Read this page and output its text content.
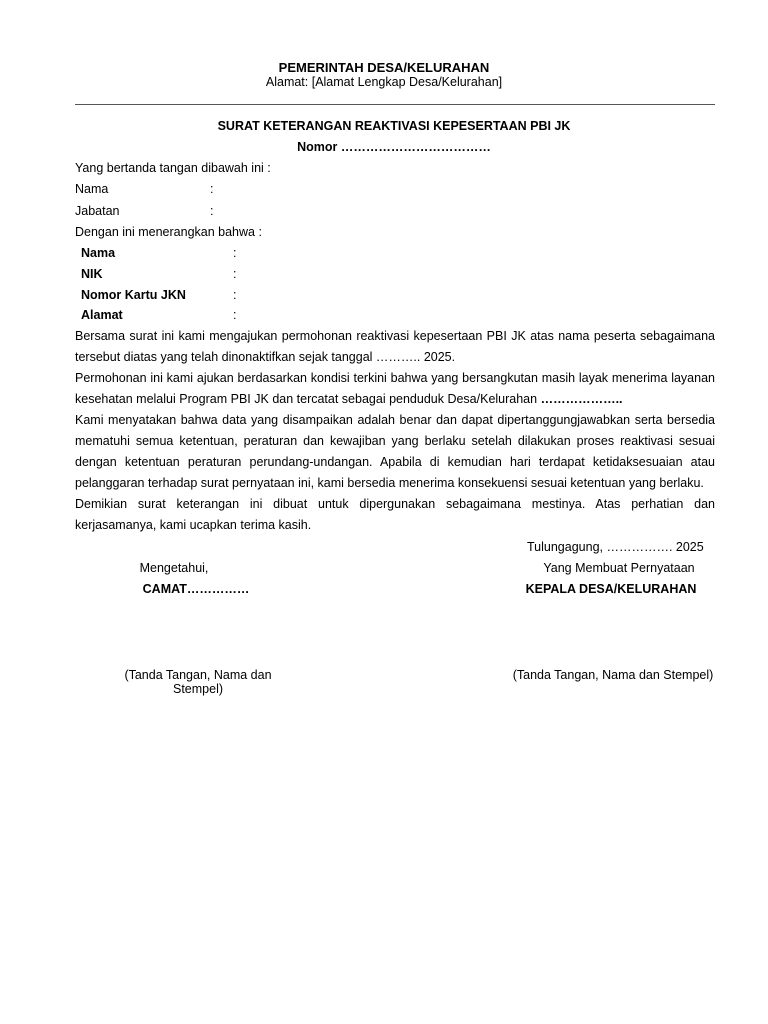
PEMERINTAH DESA/KELURAHAN
Alamat: [Alamat Lengkap Desa/Kelurahan]
SURAT KETERANGAN REAKTIVASI KEPESERTAAN PBI JK
Nomor ………………………………
Yang bertanda tangan dibawah ini :
Nama	:
Jabatan	:
Dengan ini menerangkan bahwa :
Nama	:
NIK	:
Nomor Kartu JKN	:
Alamat	:
Bersama surat ini kami mengajukan permohonan reaktivasi kepesertaan PBI JK atas nama peserta sebagaimana tersebut diatas yang telah dinonaktifkan sejak tanggal ……….. 2025.
Permohonan ini kami ajukan berdasarkan kondisi terkini bahwa yang bersangkutan masih layak menerima layanan kesehatan melalui Program PBI JK dan tercatat sebagai penduduk Desa/Kelurahan ………………..
Kami menyatakan bahwa data yang disampaikan adalah benar dan dapat dipertanggungjawabkan serta bersedia mematuhi semua ketentuan, peraturan dan kewajiban yang berlaku setelah dilakukan proses reaktivasi sesuai dengan ketentuan peraturan perundang-undangan. Apabila di kemudian hari terdapat ketidaksesuaian atau pelanggaran terhadap surat pernyataan ini, kami bersedia menerima konsekuensi sesuai ketentuan yang berlaku.
Demikian surat keterangan ini dibuat untuk dipergunakan sebagaimana mestinya. Atas perhatian dan kerjasamanya, kami ucapkan terima kasih.
Tulungagung, ……………. 2025
Mengetahui,
CAMAT……………
(Tanda Tangan, Nama dan Stempel)
Yang Membuat Pernyataan
KEPALA DESA/KELURAHAN
(Tanda Tangan, Nama dan Stempel)
